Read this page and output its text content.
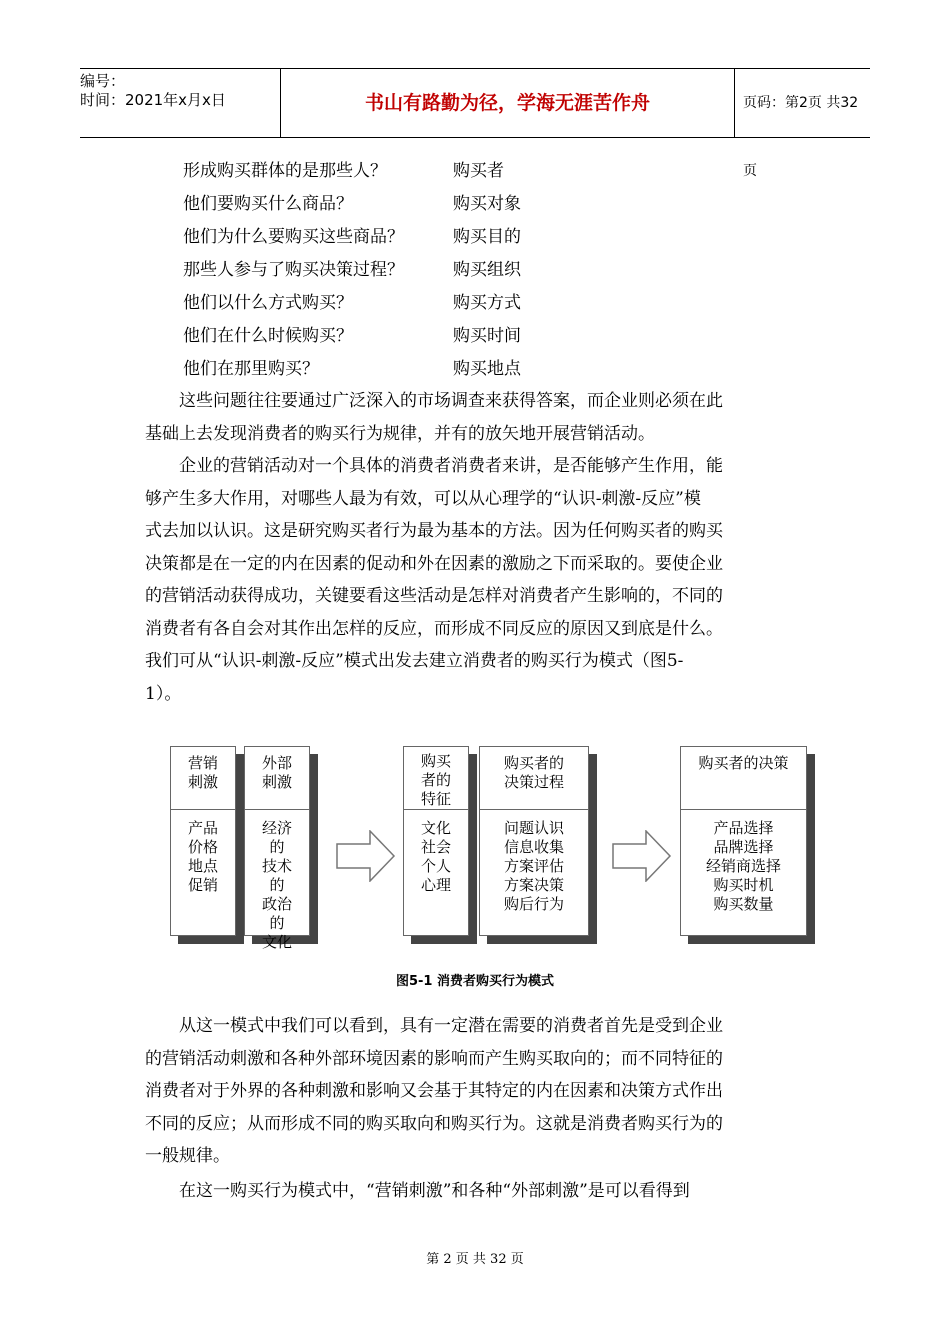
编号：
时间：2021年x月x日	书山有路勤为径，学海无涯苦作舟	页码：第2页 共32页
形成购买群体的是那些人？	购买者
他们要购买什么商品？	购买对象
他们为什么要购买这些商品？	购买目的
那些人参与了购买决策过程？	购买组织
他们以什么方式购买？	购买方式
他们在什么时候购买？	购买时间
他们在那里购买？	购买地点
　　这些问题往往要通过广泛深入的市场调查来获得答案，而企业则必须在此
基础上去发现消费者的购买行为规律，并有的放矢地开展营销活动。
　　企业的营销活动对一个具体的消费者消费者来讲，是否能够产生作用，能
够产生多大作用，对哪些人最为有效，可以从心理学的“认识-刺激-反应”模
式去加以认识。这是研究购买者行为最为基本的方法。因为任何购买者的购买
决策都是在一定的内在因素的促动和外在因素的激励之下而采取的。要使企业
的营销活动获得成功，关键要看这些活动是怎样对消费者产生影响的，不同的
消费者有各自会对其作出怎样的反应，而形成不同反应的原因又到底是什么。
我们可从“认识-刺激-反应”模式出发去建立消费者的购买行为模式（图5-
1）。
营销刺激
产品
价格
地点
促销
外部刺激
经济
的
技术
的
政治
的
文化
购买
者的
特征
文化
社会
个人
心理
购买者的
决策过程
问题认识
信息收集
方案评估
方案决策
购后行为
购买者的决策
产品选择
品牌选择
经销商选择
购买时机
购买数量
图5-1 消费者购买行为模式
　　从这一模式中我们可以看到，具有一定潜在需要的消费者首先是受到企业
的营销活动刺激和各种外部环境因素的影响而产生购买取向的；而不同特征的
消费者对于外界的各种刺激和影响又会基于其特定的内在因素和决策方式作出
不同的反应；从而形成不同的购买取向和购买行为。这就是消费者购买行为的
一般规律。
　　在这一购买行为模式中，“营销刺激”和各种“外部刺激”是可以看得到
第 2 页 共 32 页
